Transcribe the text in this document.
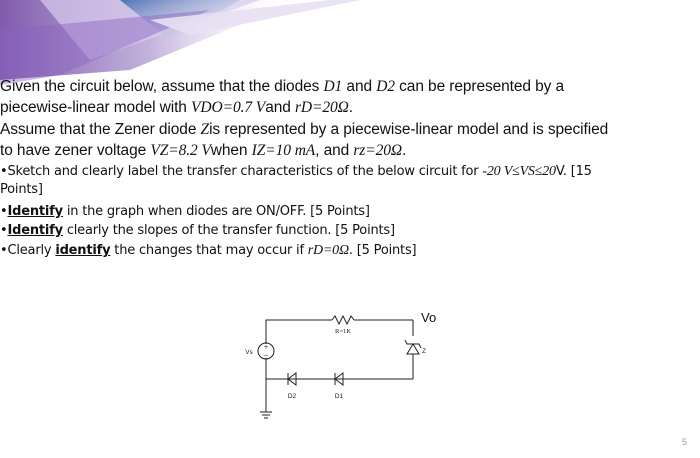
Given the circuit below, assume that the diodes D1 and D2 can be represented by a
piecewise-linear model with VDO=0.7 Vand rD=20Ω.
Assume that the Zener diode Zis represented by a piecewise-linear model and is specified
to have zener voltage VZ=8.2 Vwhen IZ=10 mA, and rz=20Ω.
•Sketch and clearly label the transfer characteristics of the below circuit for -20 V≤VS≤20V. [15
Points]
•Identify in the graph when diodes are ON/OFF. [5 Points]
•Identify clearly the slopes of the transfer function. [5 Points]
•Clearly identify the changes that may occur if rD=0Ω. [5 Points]
+
−
R=1K
Vs
Vo
Z
D2	D1
5
